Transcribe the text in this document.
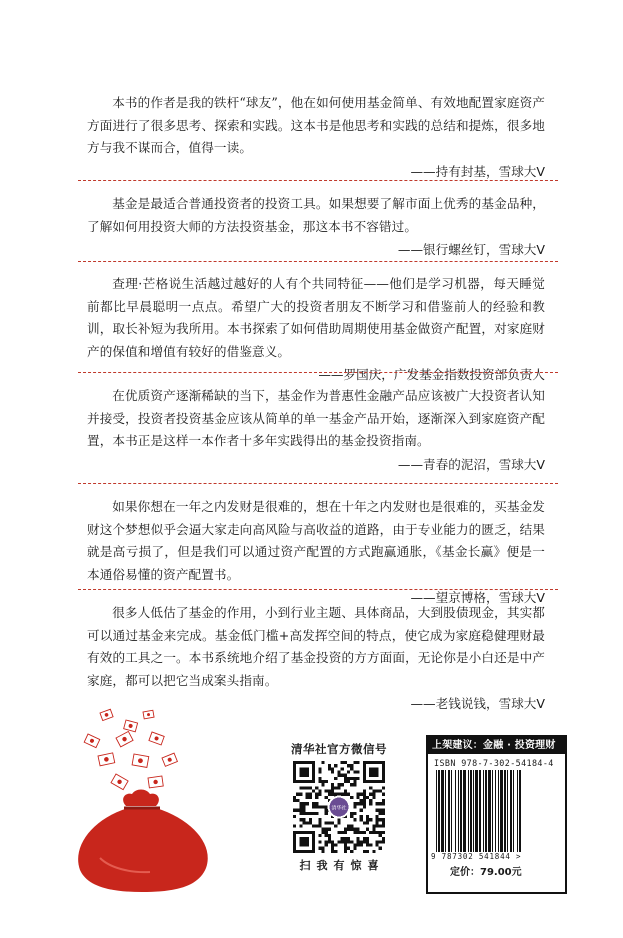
本书的作者是我的铁杆“球友”，他在如何使用基金简单、有效地配置家庭资产方面进行了很多思考、探索和实践。这本书是他思考和实践的总结和提炼，很多地方与我不谋而合，值得一读。

——持有封基，雪球大V

基金是最适合普通投资者的投资工具。如果想要了解市面上优秀的基金品种，了解如何用投资大师的方法投资基金，那这本书不容错过。

——银行螺丝钉，雪球大V

查理·芒格说生活越过越好的人有个共同特征——他们是学习机器，每天睡觉前都比早晨聪明一点点。希望广大的投资者朋友不断学习和借鉴前人的经验和教训，取长补短为我所用。本书探索了如何借助周期使用基金做资产配置，对家庭财产的保值和增值有较好的借鉴意义。

——罗国庆，广发基金指数投资部负责人

在优质资产逐渐稀缺的当下，基金作为普惠性金融产品应该被广大投资者认知并接受，投资者投资基金应该从简单的单一基金产品开始，逐渐深入到家庭资产配置，本书正是这样一本作者十多年实践得出的基金投资指南。

——青春的泥沼，雪球大V

如果你想在一年之内发财是很难的，想在十年之内发财也是很难的，买基金发财这个梦想似乎会逼大家走向高风险与高收益的道路，由于专业能力的匮乏，结果就是高亏损了，但是我们可以通过资产配置的方式跑赢通胀，《基金长赢》便是一本通俗易懂的资产配置书。

——望京博格，雪球大V

很多人低估了基金的作用，小到行业主题、具体商品，大到股债现金，其实都可以通过基金来完成。基金低门槛+高发挥空间的特点，使它成为家庭稳健理财最有效的工具之一。本书系统地介绍了基金投资的方方面面，无论你是小白还是中产家庭，都可以把它当成案头指南。

——老钱说钱，雪球大V
清华社官方微信号
清华社
扫我有惊喜
上架建议：金融 · 投资理财
ISBN 978-7-302-54184-4
9 787302 541844 >
定价：79.00元
